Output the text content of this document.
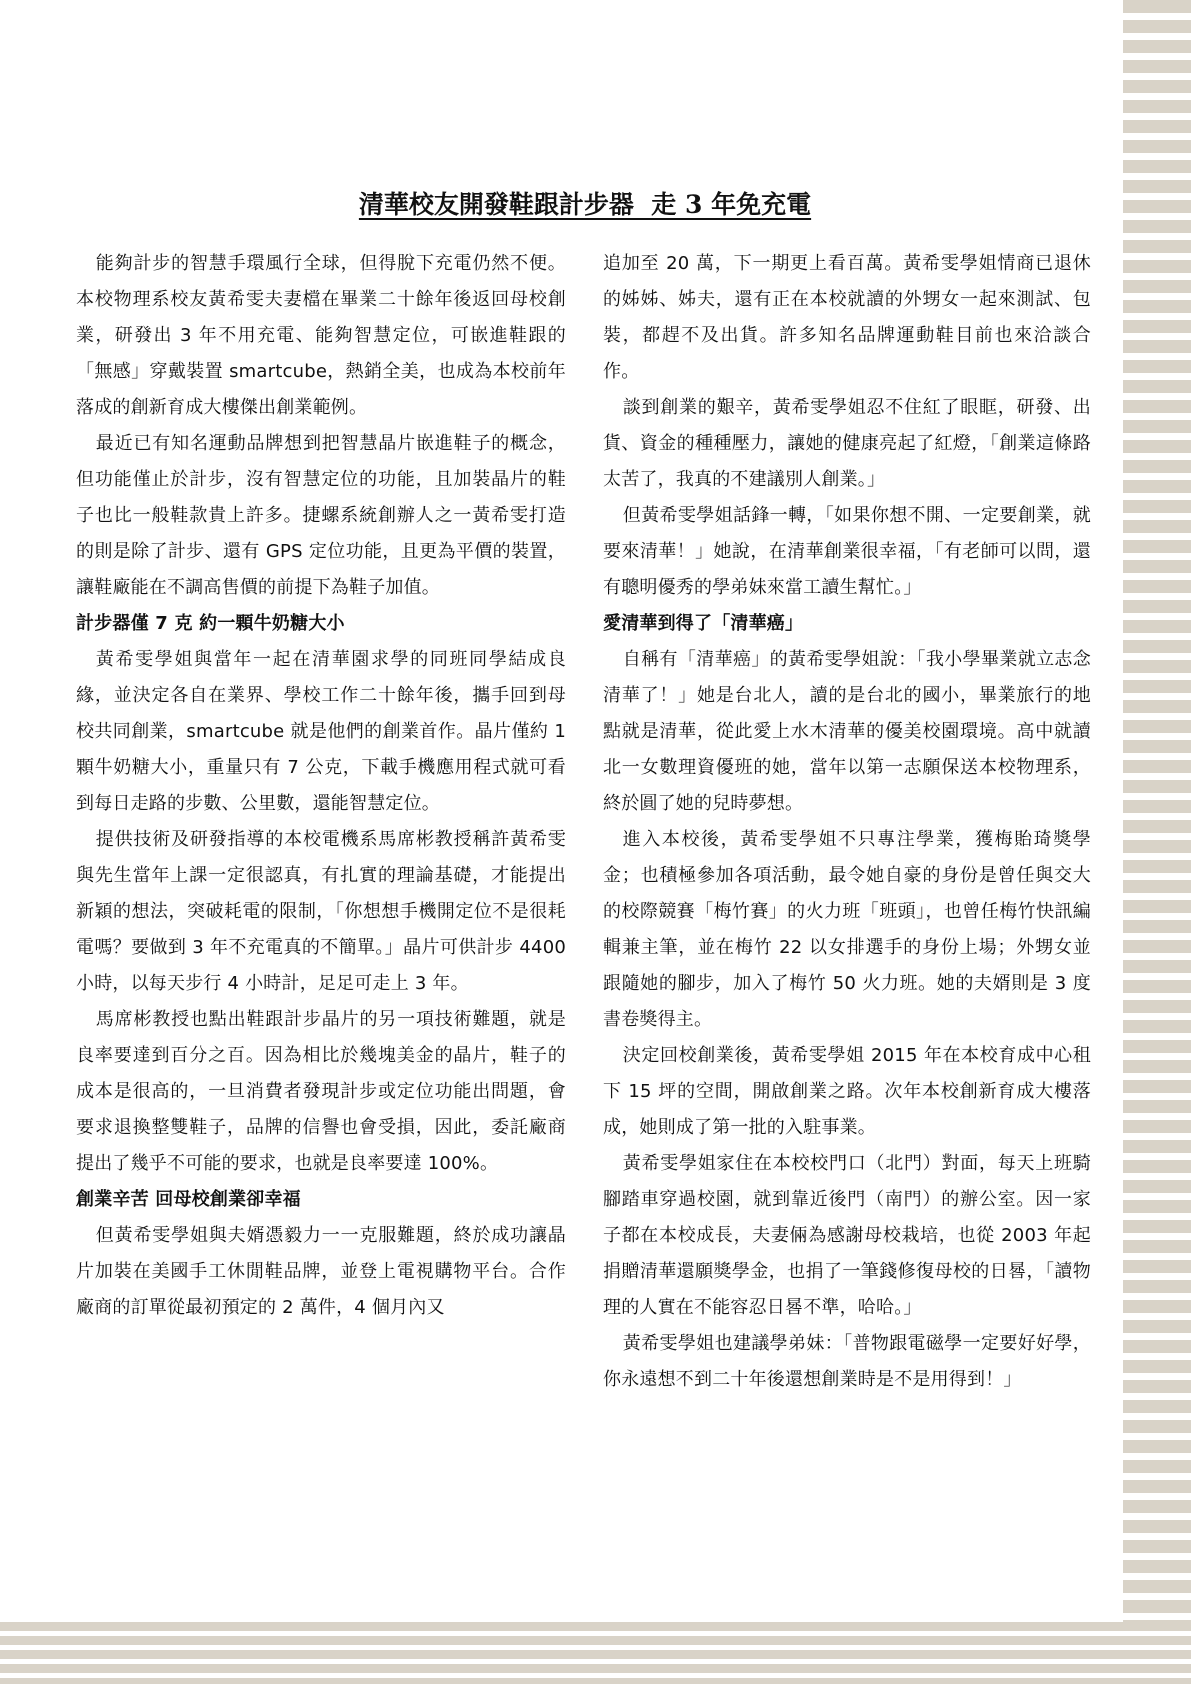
清華校友開發鞋跟計步器  走 3 年免充電

能夠計步的智慧手環風行全球，但得脫下充電仍然不便。本校物理系校友黃希雯夫妻檔在畢業二十餘年後返回母校創業，研發出 3 年不用充電、能夠智慧定位，可嵌進鞋跟的「無感」穿戴裝置 smartcube，熱銷全美，也成為本校前年落成的創新育成大樓傑出創業範例。

最近已有知名運動品牌想到把智慧晶片嵌進鞋子的概念，但功能僅止於計步，沒有智慧定位的功能，且加裝晶片的鞋子也比一般鞋款貴上許多。捷螺系統創辦人之一黃希雯打造的則是除了計步、還有 GPS 定位功能，且更為平價的裝置，讓鞋廠能在不調高售價的前提下為鞋子加值。

計步器僅 7 克 約一顆牛奶糖大小

黃希雯學姐與當年一起在清華園求學的同班同學結成良緣，並決定各自在業界、學校工作二十餘年後，攜手回到母校共同創業，smartcube 就是他們的創業首作。晶片僅約 1 顆牛奶糖大小，重量只有 7 公克，下載手機應用程式就可看到每日走路的步數、公里數，還能智慧定位。

提供技術及研發指導的本校電機系馬席彬教授稱許黃希雯與先生當年上課一定很認真，有扎實的理論基礎，才能提出新穎的想法，突破耗電的限制，「你想想手機開定位不是很耗電嗎？要做到 3 年不充電真的不簡單。」晶片可供計步 4400 小時，以每天步行 4 小時計，足足可走上 3 年。

馬席彬教授也點出鞋跟計步晶片的另一項技術難題，就是良率要達到百分之百。因為相比於幾塊美金的晶片，鞋子的成本是很高的，一旦消費者發現計步或定位功能出問題，會要求退換整雙鞋子，品牌的信譽也會受損，因此，委託廠商提出了幾乎不可能的要求，也就是良率要達 100%。

創業辛苦 回母校創業卻幸福

但黃希雯學姐與夫婿憑毅力一一克服難題，終於成功讓晶片加裝在美國手工休閒鞋品牌，並登上電視購物平台。合作廠商的訂單從最初預定的 2 萬件，4 個月內又

追加至 20 萬，下一期更上看百萬。黃希雯學姐情商已退休的姊姊、姊夫，還有正在本校就讀的外甥女一起來測試、包裝，都趕不及出貨。許多知名品牌運動鞋目前也來洽談合作。

談到創業的艱辛，黃希雯學姐忍不住紅了眼眶，研發、出貨、資金的種種壓力，讓她的健康亮起了紅燈，「創業這條路太苦了，我真的不建議別人創業。」

但黃希雯學姐話鋒一轉，「如果你想不開、一定要創業，就要來清華！」她說，在清華創業很幸福，「有老師可以問，還有聰明優秀的學弟妹來當工讀生幫忙。」

愛清華到得了「清華癌」

自稱有「清華癌」的黃希雯學姐說：「我小學畢業就立志念清華了！」她是台北人，讀的是台北的國小，畢業旅行的地點就是清華，從此愛上水木清華的優美校園環境。高中就讀北一女數理資優班的她，當年以第一志願保送本校物理系，終於圓了她的兒時夢想。

進入本校後，黃希雯學姐不只專注學業，獲梅貽琦獎學金；也積極參加各項活動，最令她自豪的身份是曾任與交大的校際競賽「梅竹賽」的火力班「班頭」，也曾任梅竹快訊編輯兼主筆，並在梅竹 22 以女排選手的身份上場；外甥女並跟隨她的腳步，加入了梅竹 50 火力班。她的夫婿則是 3 度書卷獎得主。

決定回校創業後，黃希雯學姐 2015 年在本校育成中心租下 15 坪的空間，開啟創業之路。次年本校創新育成大樓落成，她則成了第一批的入駐事業。

黃希雯學姐家住在本校校門口（北門）對面，每天上班騎腳踏車穿過校園，就到靠近後門（南門）的辦公室。因一家子都在本校成長，夫妻倆為感謝母校栽培，也從 2003 年起捐贈清華還願獎學金，也捐了一筆錢修復母校的日晷，「讀物理的人實在不能容忍日晷不準，哈哈。」

黃希雯學姐也建議學弟妹：「普物跟電磁學一定要好好學，你永遠想不到二十年後還想創業時是不是用得到！」
